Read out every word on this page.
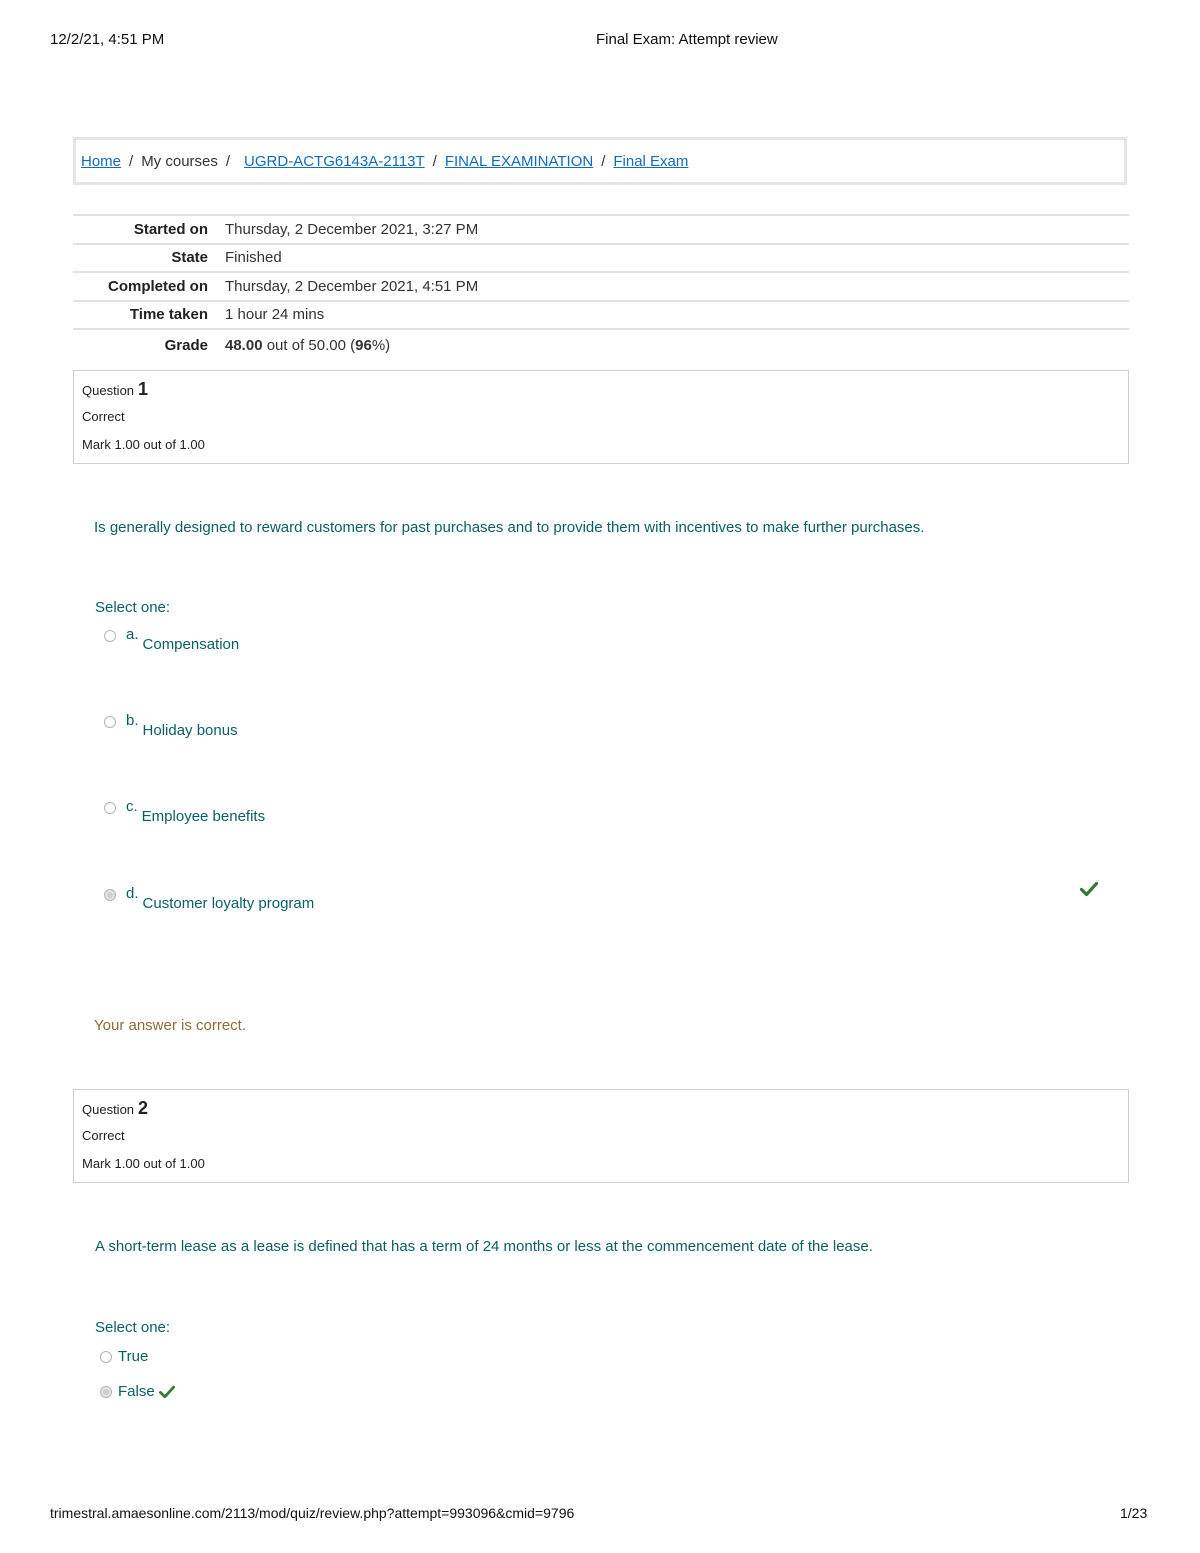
12/2/21, 4:51 PM	Final Exam: Attempt review
Home / My courses / UGRD-ACTG6143A-2113T / FINAL EXAMINATION / Final Exam
Started on	Thursday, 2 December 2021, 3:27 PM
State	Finished
Completed on	Thursday, 2 December 2021, 4:51 PM
Time taken	1 hour 24 mins
Grade	48.00 out of 50.00 (96%)
Question 1
Correct
Mark 1.00 out of 1.00
Is generally designed to reward customers for past purchases and to provide them with incentives to make further purchases.
Select one:
a.
Compensation
b.
Holiday bonus
c.
Employee benefits
d.
Customer loyalty program
Your answer is correct.
Question 2
Correct
Mark 1.00 out of 1.00
A short-term lease as a lease is defined that has a term of 24 months or less at the commencement date of the lease.
Select one:
True
False
trimestral.amaesonline.com/2113/mod/quiz/review.php?attempt=993096&cmid=9796	1/23
